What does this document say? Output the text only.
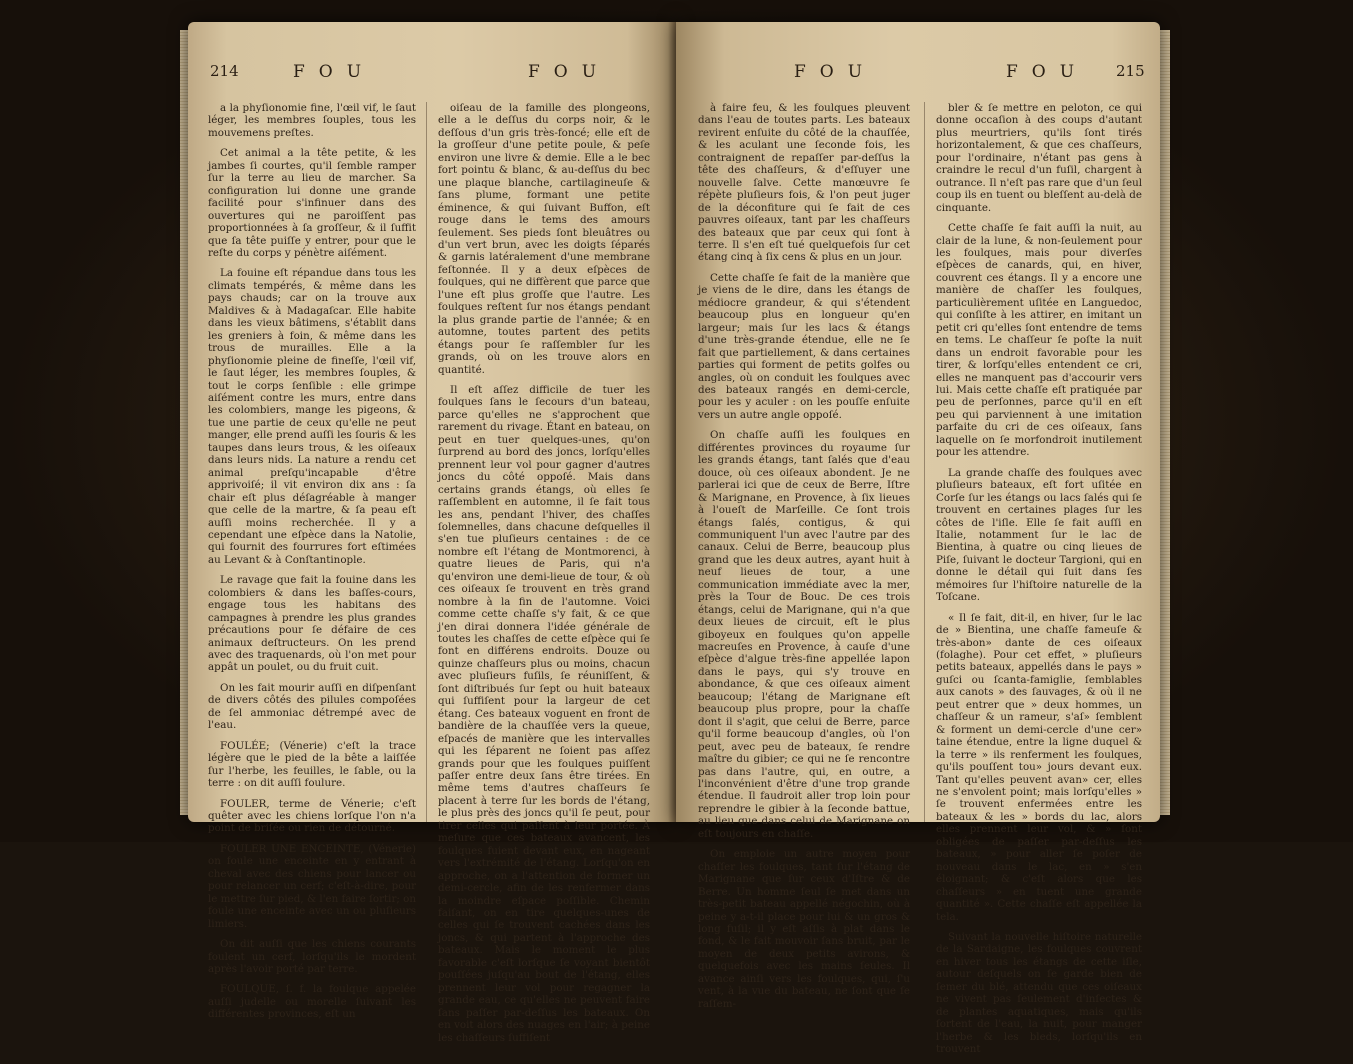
214	FOU	FOU

a la phyſionomie fine, l'œil vif, le ſaut léger, les membres ſouples, tous les mouvemens preſtes.

Cet animal a la tête petite, & les jambes ſi courtes, qu'il ſemble ramper ſur la terre au lieu de marcher. Sa configuration lui donne une grande facilité pour s'infinuer dans des ouvertures qui ne paroiſſent pas proportionnées à ſa groſſeur, & il ſuffit que ſa tête puiſſe y entrer, pour que le reſte du corps y pénètre aiſément.

La fouine eſt répandue dans tous les climats tempérés, & même dans les pays chauds; car on la trouve aux Maldives & à Madagaſcar. Elle habite dans les vieux bâtimens, s'établit dans les greniers à foin, & même dans les trous de murailles. Elle a la phyſionomie pleine de fineſſe, l'œil vif, le ſaut léger, les membres ſouples, & tout le corps ſenſible : elle grimpe aiſément contre les murs, entre dans les colombiers, mange les pigeons, & tue une partie de ceux qu'elle ne peut manger, elle prend auſſi les ſouris & les taupes dans leurs trous, & les oiſeaux dans leurs nids. La nature a rendu cet animal preſqu'incapable d'être apprivoiſé; il vit environ dix ans : ſa chair eſt plus déſagréable à manger que celle de la martre, & ſa peau eſt auſſi moins recherchée. Il y a cependant une eſpèce dans la Natolie, qui fournit des fourrures fort eſtimées au Levant & à Conſtantinople.

Le ravage que fait la fouine dans les colombiers & dans les baſſes-cours, engage tous les habitans des campagnes à prendre les plus grandes précautions pour ſe défaire de ces animaux deſtructeurs. On les prend avec des traquenards, où l'on met pour appât un poulet, ou du fruit cuit.

On les fait mourir auſſi en diſpenſant de divers côtés des pilules compoſées de ſel ammoniac détrempé avec de l'eau.

FOULÉE; (Vénerie) c'eſt la trace légère que le pied de la bête a laiſſée ſur l'herbe, les feuilles, le ſable, ou la terre : on dit auſſi foulure.

FOULER, terme de Vénerie; c'eſt quêter avec les chiens lorſque l'on n'a point de briſée ou rien de détourné.

FOULER UNE ENCEINTE, (Vénerie) on foule une enceinte en y entrant à cheval avec des chiens pour lancer ou pour relancer un cerf; c'eſt-à-dire, pour le mettre ſur pied, & l'en faire ſortir; on foule une enceinte avec un ou pluſieurs limiers.

On dit auſſi que les chiens courants foulent un cerf, lorſqu'ils le mordent après l'avoir porté par terre.

FOULQUE, ſ. f. la foulque appelée auſſi judelle ou morelle ſuivant les différentes provinces, eſt un

oiſeau de la famille des plongeons, elle a le deſſus du corps noir, & le deſſous d'un gris très-foncé; elle eſt de la groſſeur d'une petite poule, & peſe environ une livre & demie. Elle a le bec fort pointu & blanc, & au-deſſus du bec une plaque blanche, cartilagineuſe & ſans plume, formant une petite éminence, & qui ſuivant Buffon, eſt rouge dans le tems des amours ſeulement. Ses pieds ſont bleuâtres ou d'un vert brun, avec les doigts ſéparés & garnis latéralement d'une membrane feſtonnée. Il y a deux eſpèces de foulques, qui ne diffèrent que parce que l'une eſt plus groſſe que l'autre. Les foulques reſtent ſur nos étangs pendant la plus grande partie de l'année; & en automne, toutes partent des petits étangs pour ſe raſſembler ſur les grands, où on les trouve alors en quantité.

Il eſt aſſez difficile de tuer les foulques ſans le ſecours d'un bateau, parce qu'elles ne s'approchent que rarement du rivage. Étant en bateau, on peut en tuer quelques-unes, qu'on ſurprend au bord des joncs, lorſqu'elles prennent leur vol pour gagner d'autres joncs du côté oppoſé. Mais dans certains grands étangs, où elles ſe raſſemblent en automne, il ſe fait tous les ans, pendant l'hiver, des chaſſes ſolemnelles, dans chacune deſquelles il s'en tue pluſieurs centaines : de ce nombre eſt l'étang de Montmorenci, à quatre lieues de Paris, qui n'a qu'environ une demi-lieue de tour, & où ces oiſeaux ſe trouvent en très grand nombre à la fin de l'automne. Voici comme cette chaſſe s'y fait, & ce que j'en dirai donnera l'idée générale de toutes les chaſſes de cette eſpèce qui ſe font en différens endroits. Douze ou quinze chaſſeurs plus ou moins, chacun avec pluſieurs fuſils, ſe réuniſſent, & ſont diſtribués ſur ſept ou huit bateaux qui ſuffiſent pour la largeur de cet étang. Ces bateaux voguent en front de bandière de la chauſſée vers la queue, eſpacés de manière que les intervalles qui les ſéparent ne ſoient pas aſſez grands pour que les foulques puiſſent paſſer entre deux ſans être tirées. En même tems d'autres chaſſeurs ſe placent à terre ſur les bords de l'étang, le plus près des joncs qu'il ſe peut, pour tirer celles qui paſſent à leur portée. À meſure que ces bateaux avancent, les foulques fuient devant eux, en nageant vers l'extrémité de l'étang. Lorſqu'on en approche, on a l'attention de former un demi-cercle, afin de les renfermer dans la moindre eſpace poſſible. Chemin faiſant, on en tire quelques-unes de celles qui ſe trouvent cachées dans les joncs, & qui partent à l'approche des bateaux. Mais le moment le plus favorable c'eſt lorſque ſe voyant bientôt pouſſées juſqu'au bout de l'étang, elles prennent leur vol pour regagner la grande eau, ce qu'elles ne peuvent faire ſans paſſer par-deſſus les bateaux. On en voit alors des nuages en l'air; à peine les chaſſeurs ſuffiſent

FOU	FOU 215

à faire feu, & les foulques pleuvent dans l'eau de toutes parts. Les bateaux revirent enſuite du côté de la chauſſée, & les aculant une ſeconde fois, les contraignent de repaſſer par-deſſus la tête des chaſſeurs, & d'eſſuyer une nouvelle ſalve. Cette manœuvre ſe répète pluſieurs fois, & l'on peut juger de la déconfiture qui ſe fait de ces pauvres oiſeaux, tant par les chaſſeurs des bateaux que par ceux qui ſont à terre. Il s'en eſt tué quelquefois ſur cet étang cinq à ſix cens & plus en un jour.

Cette chaſſe ſe fait de la manière que je viens de le dire, dans les étangs de médiocre grandeur, & qui s'étendent beaucoup plus en longueur qu'en largeur; mais ſur les lacs & étangs d'une très-grande étendue, elle ne ſe fait que partiellement, & dans certaines parties qui forment de petits golfes ou angles, où on conduit les foulques avec des bateaux rangés en demi-cercle, pour les y aculer : on les pouſſe enſuite vers un autre angle oppoſé.

On chaſſe auſſi les foulques en différentes provinces du royaume ſur les grands étangs, tant ſalés que d'eau douce, où ces oiſeaux abondent. Je ne parlerai ici que de ceux de Berre, Iſtre & Marignane, en Provence, à ſix lieues à l'oueſt de Marſeille. Ce ſont trois étangs ſalés, contigus, & qui communiquent l'un avec l'autre par des canaux. Celui de Berre, beaucoup plus grand que les deux autres, ayant huit à neuf lieues de tour, a une communication immédiate avec la mer, près la Tour de Bouc. De ces trois étangs, celui de Marignane, qui n'a que deux lieues de circuit, eſt le plus giboyeux en foulques qu'on appelle macreuſes en Provence, à cauſe d'une eſpèce d'algue très-fine appellée lapon dans le pays, qui s'y trouve en abondance, & que ces oiſeaux aiment beaucoup; l'étang de Marignane eſt beaucoup plus propre, pour la chaſſe dont il s'agit, que celui de Berre, parce qu'il forme beaucoup d'angles, où l'on peut, avec peu de bateaux, ſe rendre maître du gibier; ce qui ne ſe rencontre pas dans l'autre, qui, en outre, a l'inconvénient d'être d'une trop grande étendue. Il faudroit aller trop loin pour reprendre le gibier à la ſeconde battue, au lieu que dans celui de Marignane on eſt toujours en chaſſe.

On emploie un autre moyen pour chaſſer les foulques, tant ſur l'étang de Marignane que ſur ceux d'Iſtre & de Berre. Un homme ſeul ſe met dans un très-petit bateau appellé négochin, où à peine y a-t-il place pour lui & un gros & long fuſil; il y eſt aſſis à plat dans le fond, & le fait mouvoir ſans bruit, par le moyen de deux petits avirons, & quelquefois avec les mains ſeules. Il avance ainſi vers les foulques, qui, ſ'u vent, à la vue du bateau, ne ſont que ſe raſſem-

bler & ſe mettre en peloton, ce qui donne occaſion à des coups d'autant plus meurtriers, qu'ils ſont tirés horizontalement, & que ces chaſſeurs, pour l'ordinaire, n'étant pas gens à craindre le recul d'un fuſil, chargent à outrance. Il n'eſt pas rare que d'un ſeul coup ils en tuent ou bleſſent au-delà de cinquante.

Cette chaſſe ſe fait auſſi la nuit, au clair de la lune, & non-ſeulement pour les foulques, mais pour diverſes eſpèces de canards, qui, en hiver, couvrent ces étangs. Il y a encore une manière de chaſſer les foulques, particulièrement uſitée en Languedoc, qui conſiſte à les attirer, en imitant un petit cri qu'elles ſont entendre de tems en tems. Le chaſſeur ſe poſte la nuit dans un endroit favorable pour les tirer, & lorſqu'elles entendent ce cri, elles ne manquent pas d'accourir vers lui. Mais cette chaſſe eſt pratiquée par peu de perſonnes, parce qu'il en eſt peu qui parviennent à une imitation parfaite du cri de ces oiſeaux, ſans laquelle on ſe morfondroit inutilement pour les attendre.

La grande chaſſe des foulques avec pluſieurs bateaux, eſt fort uſitée en Corſe ſur les étangs ou lacs ſalés qui ſe trouvent en certaines plages ſur les côtes de l'iſle. Elle ſe fait auſſi en Italie, notamment ſur le lac de Bientina, à quatre ou cinq lieues de Piſe, ſuivant le docteur Targioni, qui en donne le détail qui ſuit dans ſes mémoires ſur l'hiſtoire naturelle de la Toſcane.

« Il ſe fait, dit-il, en hiver, ſur le lac de » Bientina, une chaſſe fameuſe & très-abon» dante de ces oiſeaux (folaghe). Pour cet effet, » pluſieurs petits bateaux, appellés dans le pays » guſci ou ſcanta-famiglie, ſemblables aux canots » des ſauvages, & où il ne peut entrer que » deux hommes, un chaſſeur & un rameur, s'aſ» ſemblent & forment un demi-cercle d'une cer» taine étendue, entre la ligne duquel & la terre » ils renferment les foulques, qu'ils pouſſent tou» jours devant eux. Tant qu'elles peuvent avan» cer, elles ne s'envolent point; mais lorſqu'elles » ſe trouvent enfermées entre les bateaux & les » bords du lac, alors elles prennent leur vol, & » ſont obligées de paſſer par-deſſus les bateaux, » pour aller ſe poſer de nouveau dans le lac, en » s'en éloignant; & c'eſt alors que les chaſſeurs » en tuent une grande quantité ». Cette chaſſe eſt appellée la tela.

Suivant la nouvelle hiſtoire naturelle de la Sardaigne, les foulques couvrent en hiver tous les étangs de cette iſle, autour deſquels on ſe garde bien de ſemer du blé, attendu que ces oiſeaux ne vivent pas ſeulement d'inſectes & de plantes aquatiques, mais qu'ils ſortent de l'eau, la nuit, pour manger l'herbe & les bleds, lorſqu'ils en trouvent
